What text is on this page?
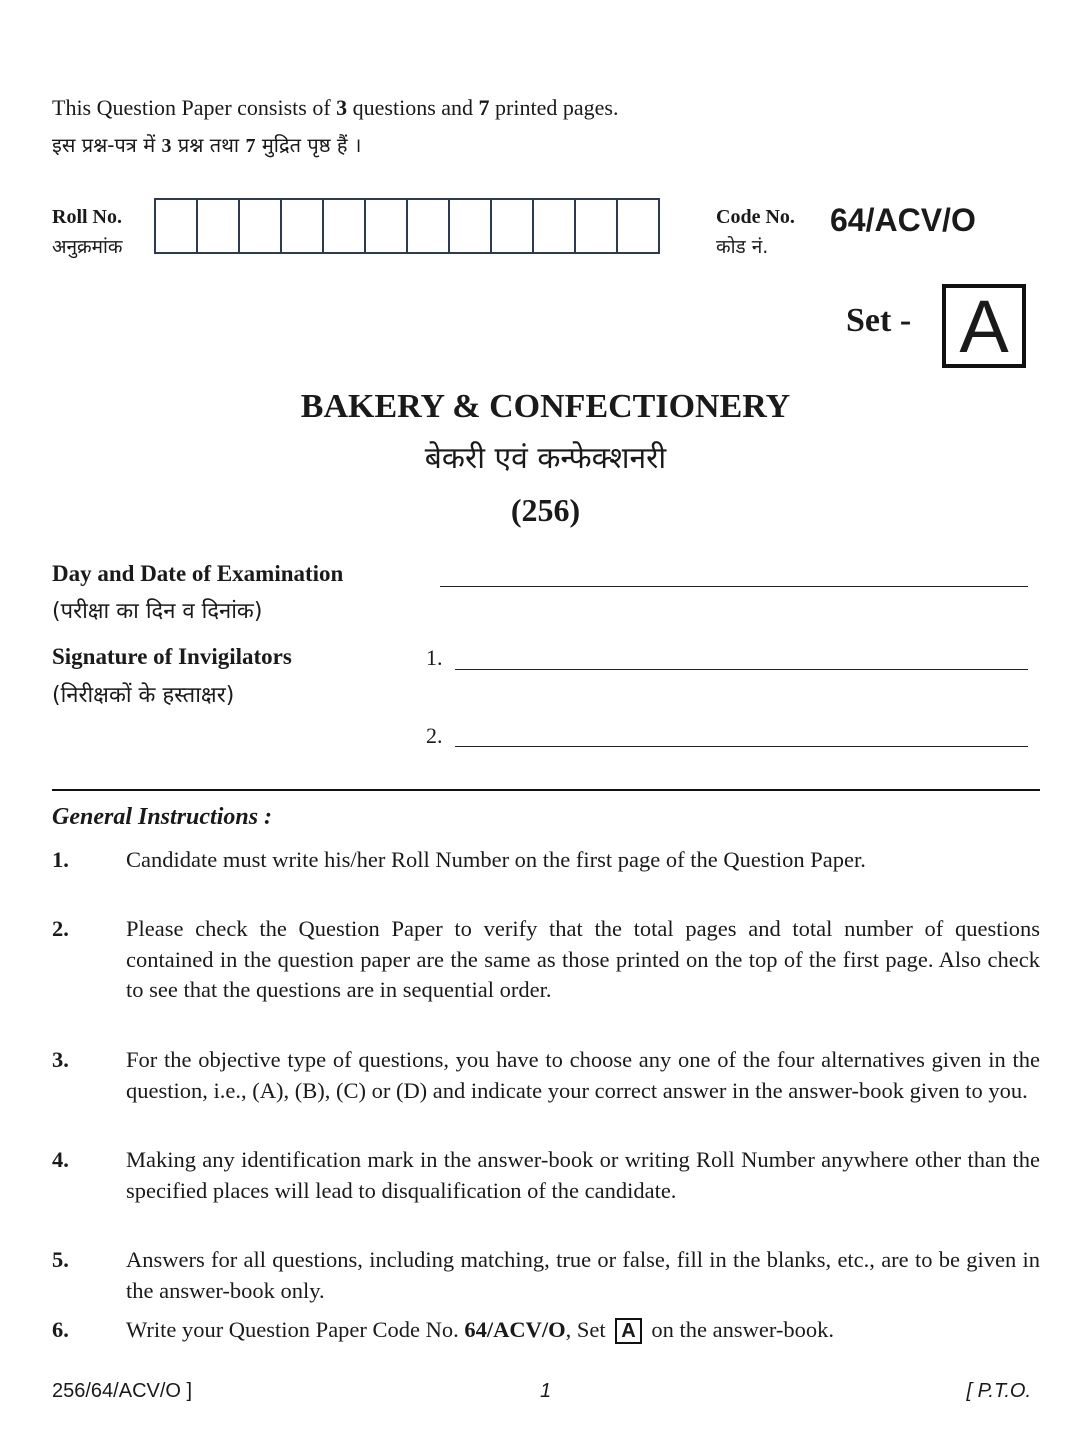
This Question Paper consists of 3 questions and 7 printed pages.
इस प्रश्न-पत्र में 3 प्रश्न तथा 7 मुद्रित पृष्ठ हैं ।
Roll No.
अनुक्रमांक
Code No.
कोड नं.
64/ACV/O
Set - A
BAKERY & CONFECTIONERY
बेकरी एवं कन्फेक्शनरी
(256)
Day and Date of Examination
(परीक्षा का दिन व दिनांक)
Signature of Invigilators
(निरीक्षकों के हस्ताक्षर)
1.
2.
General Instructions :
1.	Candidate must write his/her Roll Number on the first page of the Question Paper.
2.	Please check the Question Paper to verify that the total pages and total number of questions contained in the question paper are the same as those printed on the top of the first page. Also check to see that the questions are in sequential order.
3.	For the objective type of questions, you have to choose any one of the four alternatives given in the question, i.e., (A), (B), (C) or (D) and indicate your correct answer in the answer-book given to you.
4.	Making any identification mark in the answer-book or writing Roll Number anywhere other than the specified places will lead to disqualification of the candidate.
5.	Answers for all questions, including matching, true or false, fill in the blanks, etc., are to be given in the answer-book only.
6.	Write your Question Paper Code No. 64/ACV/O, Set A on the answer-book.
256/64/ACV/O ]	1	[ P.T.O.
